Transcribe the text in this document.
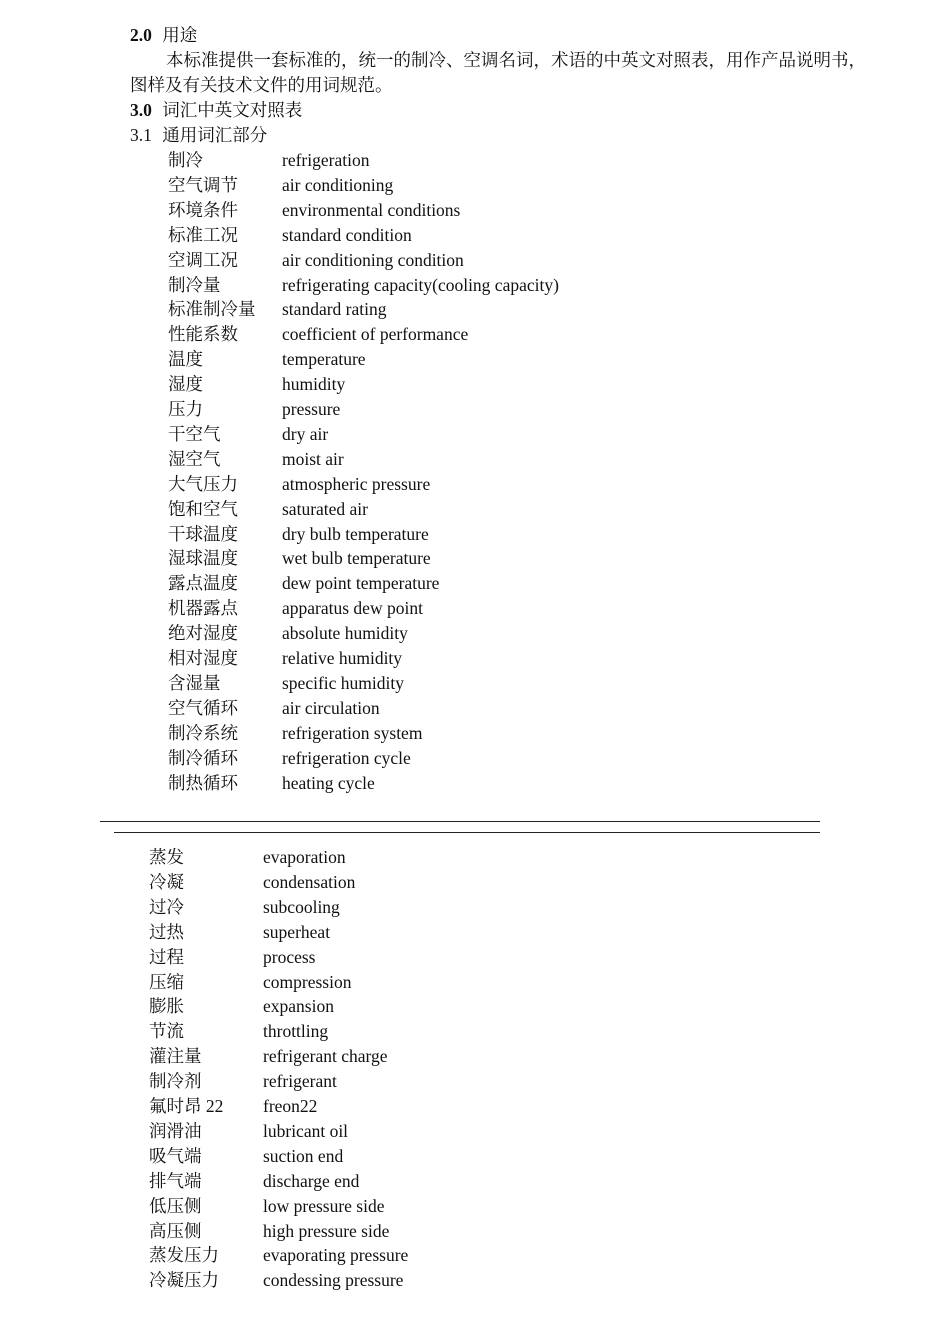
2.0 用途
本标准提供一套标准的，统一的制冷、空调名词，术语的中英文对照表，用作产品说明书，图样及有关技术文件的用词规范。
3.0 词汇中英文对照表
3.1 通用词汇部分
制冷	refrigeration
空气调节	air conditioning
环境条件	environmental conditions
标准工况	standard condition
空调工况	air conditioning condition
制冷量	refrigerating capacity(cooling capacity)
标准制冷量 standard rating
性能系数	coefficient of performance
温度	temperature
湿度	humidity
压力	pressure
干空气	dry air
湿空气	moist air
大气压力	atmospheric pressure
饱和空气	saturated air
干球温度	dry bulb temperature
湿球温度	wet bulb temperature
露点温度	dew point temperature
机器露点	apparatus dew point
绝对湿度	absolute humidity
相对湿度	relative humidity
含湿量	specific humidity
空气循环	air circulation
制冷系统	refrigeration system
制冷循环	refrigeration cycle
制热循环	heating cycle
蒸发	evaporation
冷凝	condensation
过冷	subcooling
过热	superheat
过程	process
压缩	compression
膨胀	expansion
节流	throttling
灌注量	refrigerant charge
制冷剂	refrigerant
氟时昂 22 freon22
润滑油	lubricant oil
吸气端	suction end
排气端	discharge end
低压侧	low pressure side
高压侧	high pressure side
蒸发压力	evaporating pressure
冷凝压力	condessing pressure
